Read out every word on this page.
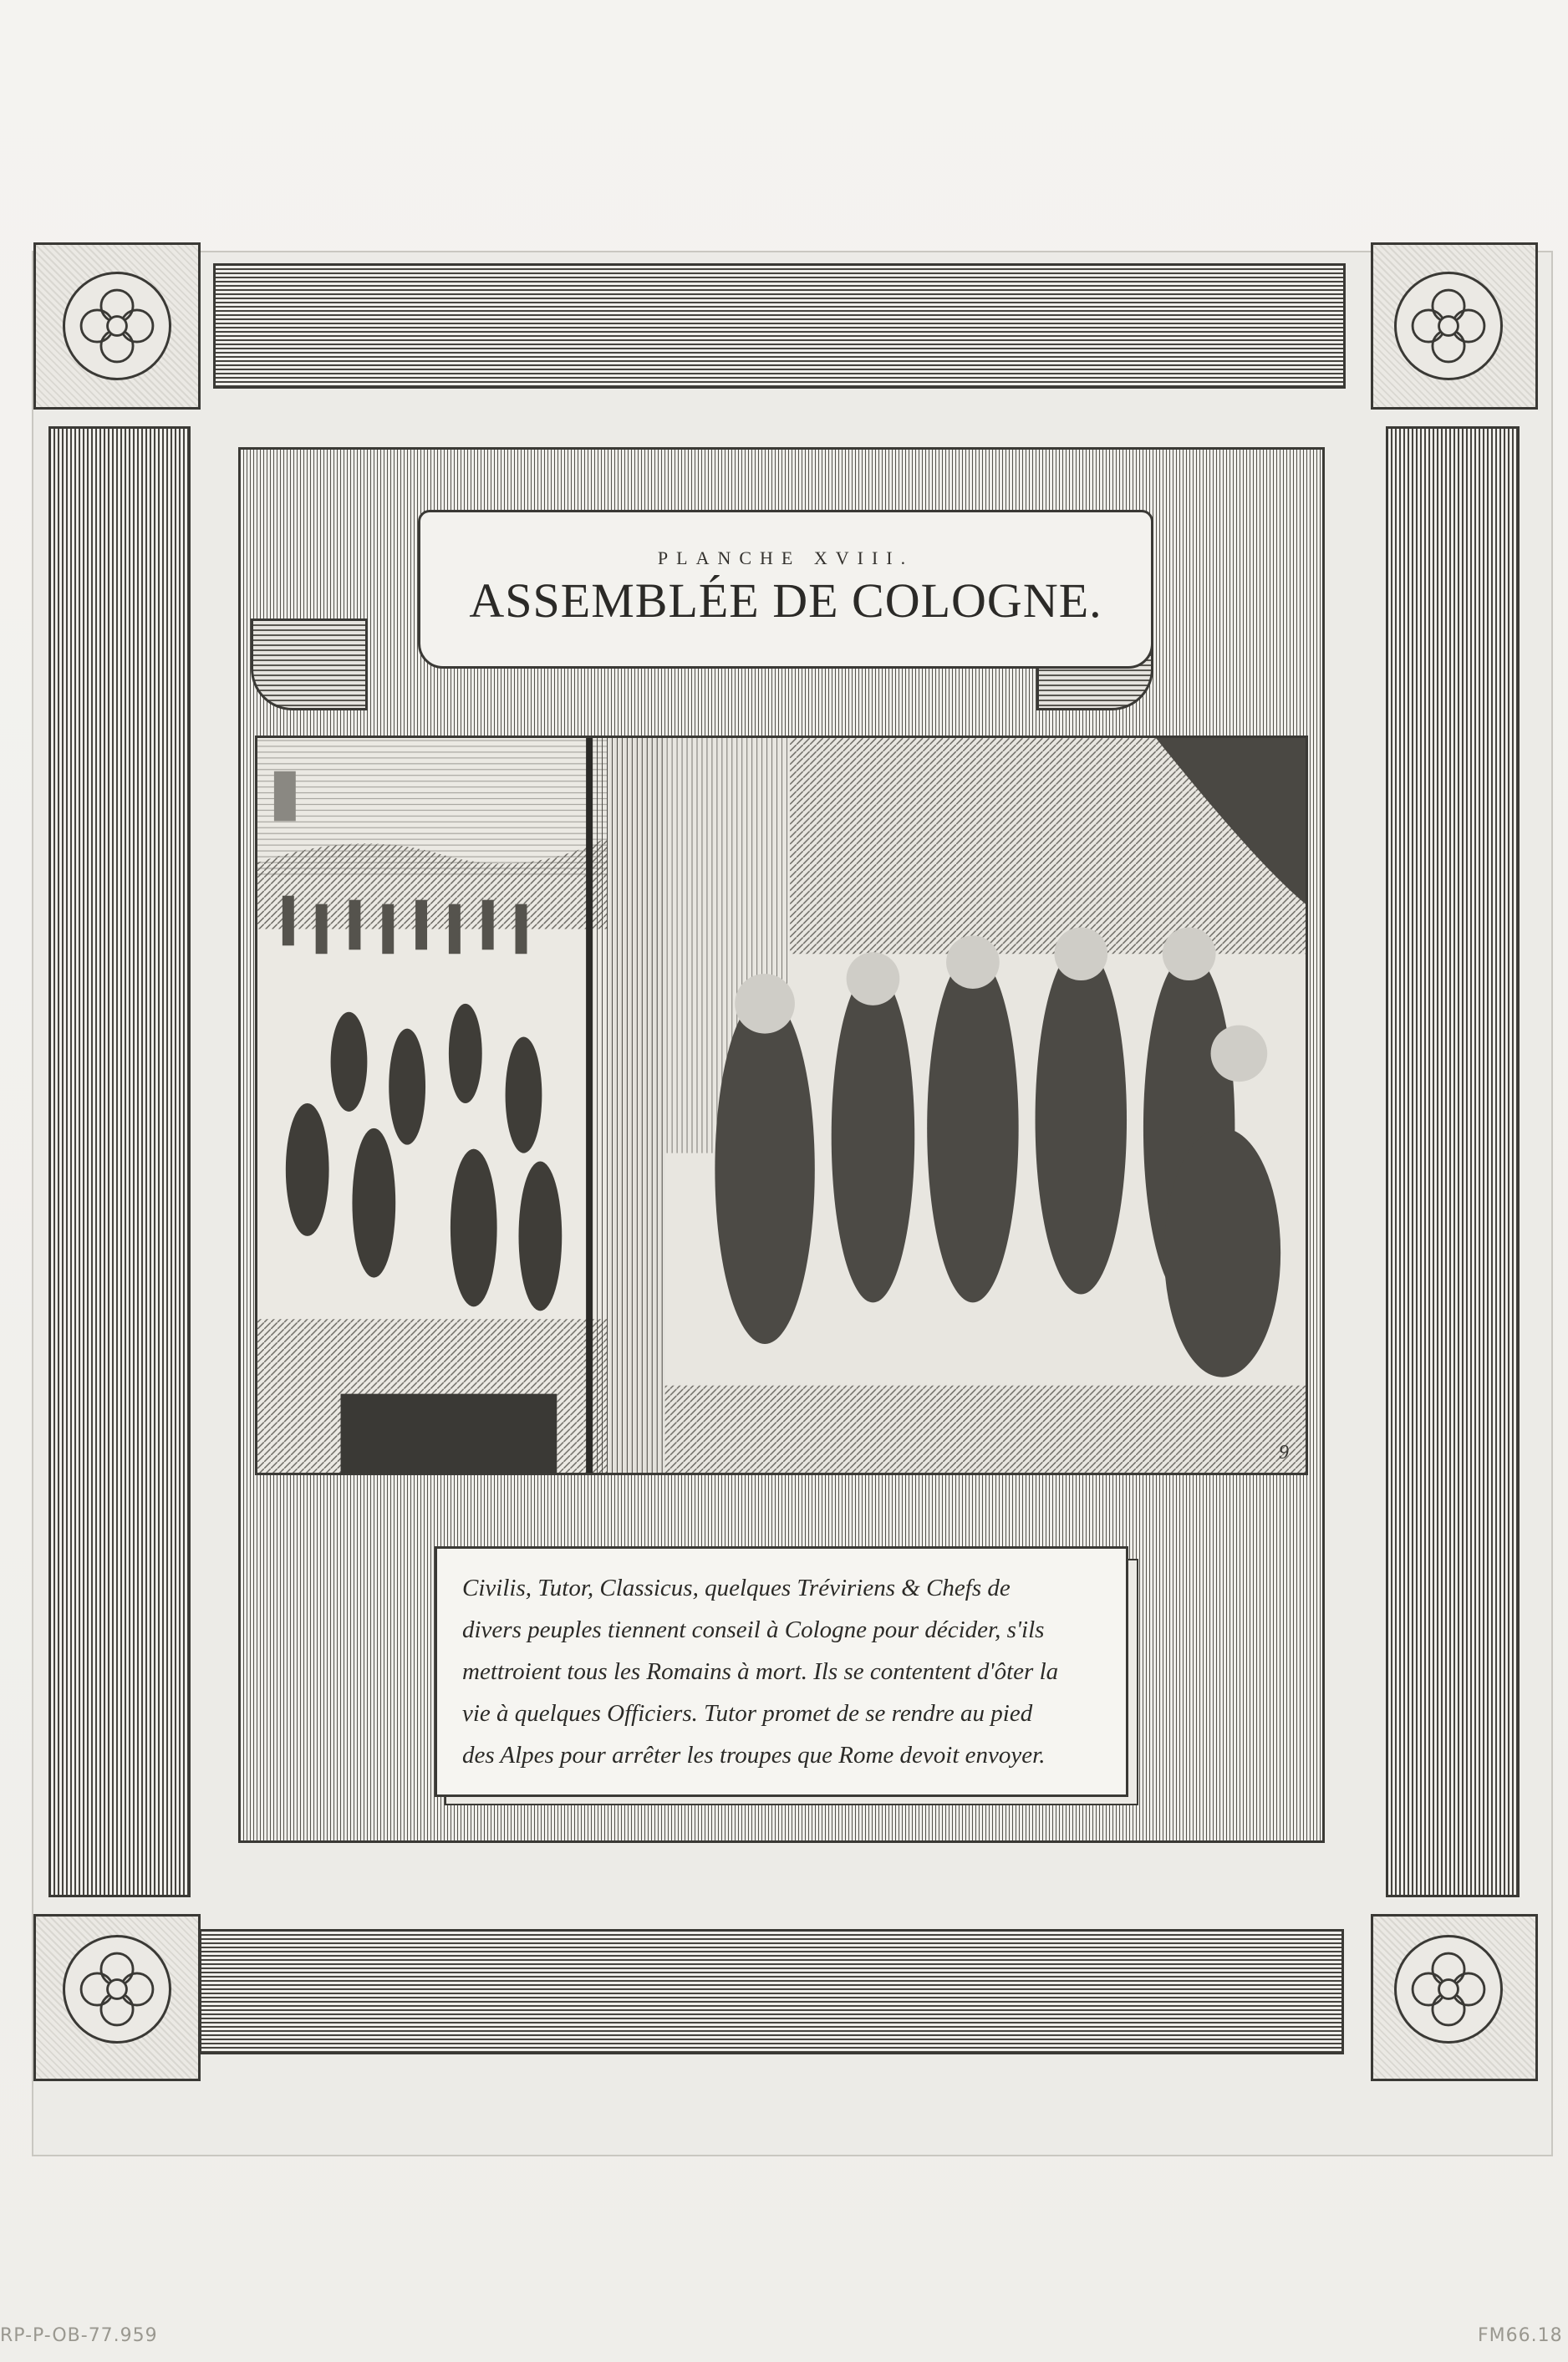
PLANCHE XVIII.
ASSEMBLÉE DE COLOGNE.
9
Civilis, Tutor, Classicus, quelques Tréviriens & Chefs de
divers peuples tiennent conseil à Cologne pour décider, s'ils
mettroient tous les Romains à mort. Ils se contentent d'ôter la
vie à quelques Officiers. Tutor promet de se rendre au pied
des Alpes pour arrêter les troupes que Rome devoit envoyer.
RP-P-OB-77.959	FM66.18
